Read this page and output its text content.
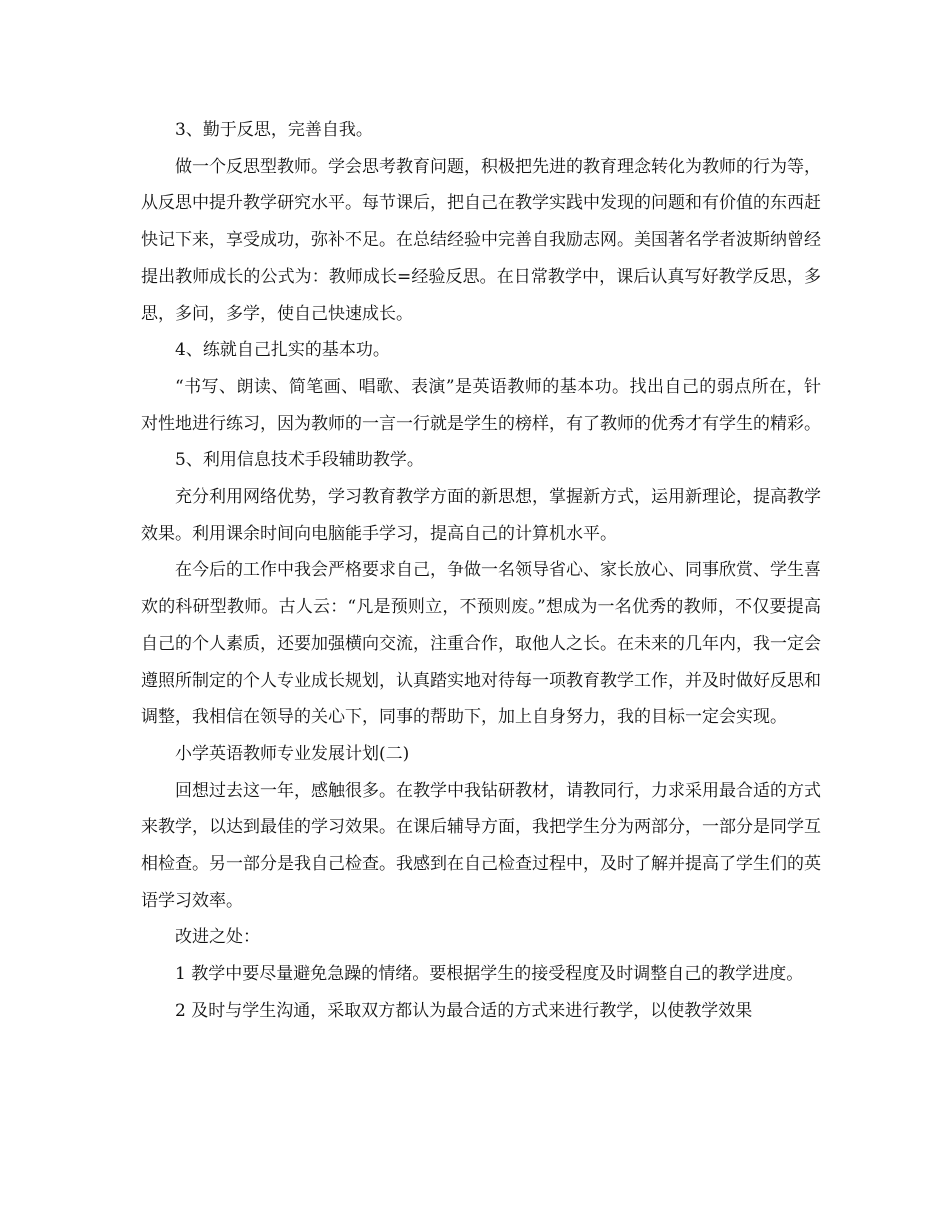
3、勤于反思，完善自我。

做一个反思型教师。学会思考教育问题，积极把先进的教育理念转化为教师的行为等，从反思中提升教学研究水平。每节课后，把自己在教学实践中发现的问题和有价值的东西赶快记下来，享受成功，弥补不足。在总结经验中完善自我励志网。美国著名学者波斯纳曾经提出教师成长的公式为：教师成长=经验反思。在日常教学中，课后认真写好教学反思，多思，多问，多学，使自己快速成长。

4、练就自己扎实的基本功。

“书写、朗读、简笔画、唱歌、表演”是英语教师的基本功。找出自己的弱点所在，针对性地进行练习，因为教师的一言一行就是学生的榜样，有了教师的优秀才有学生的精彩。

5、利用信息技术手段辅助教学。

充分利用网络优势，学习教育教学方面的新思想，掌握新方式，运用新理论，提高教学效果。利用课余时间向电脑能手学习，提高自己的计算机水平。

在今后的工作中我会严格要求自己，争做一名领导省心、家长放心、同事欣赏、学生喜欢的科研型教师。古人云：“凡是预则立，不预则废。”想成为一名优秀的教师，不仅要提高自己的个人素质，还要加强横向交流，注重合作，取他人之长。在未来的几年内，我一定会遵照所制定的个人专业成长规划，认真踏实地对待每一项教育教学工作，并及时做好反思和调整，我相信在领导的关心下，同事的帮助下，加上自身努力，我的目标一定会实现。

小学英语教师专业发展计划(二)

回想过去这一年，感触很多。在教学中我钻研教材，请教同行，力求采用最合适的方式来教学，以达到最佳的学习效果。在课后辅导方面，我把学生分为两部分，一部分是同学互相检查。另一部分是我自己检查。我感到在自己检查过程中，及时了解并提高了学生们的英语学习效率。

改进之处：

1 教学中要尽量避免急躁的情绪。要根据学生的接受程度及时调整自己的教学进度。

2 及时与学生沟通，采取双方都认为最合适的方式来进行教学，以使教学效果
